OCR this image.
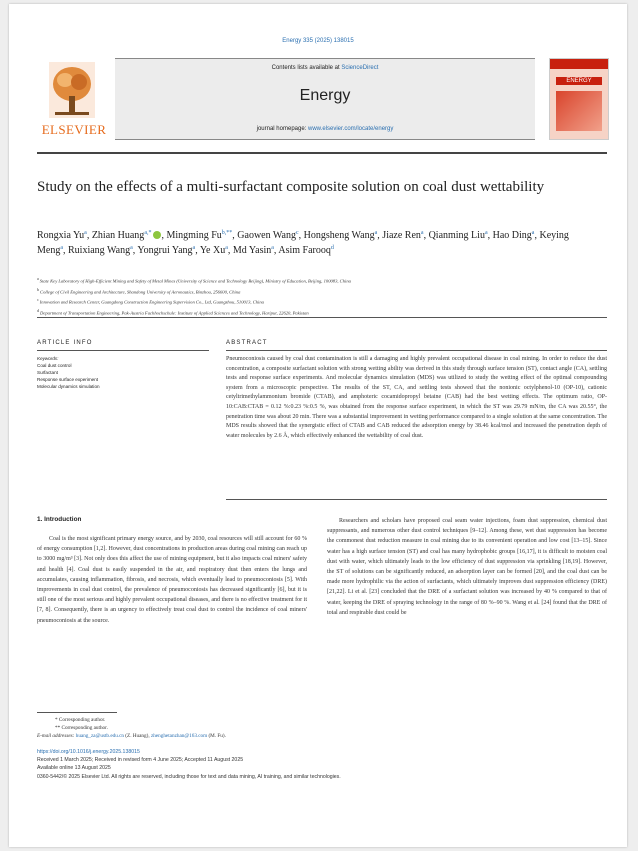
Energy 335 (2025) 138015
ELSEVIER
Contents lists available at ScienceDirect
Energy
journal homepage: www.elsevier.com/locate/energy
ENERGY
Study on the effects of a multi-surfactant composite solution on coal dust wettability
Rongxia Yu$^a$, Zhian Huang$^{a,*}$ , Mingming $Fu^{b,**}$, Gaowen Wang$^c$, Hongsheng Wang$^a$, Jiaze Ren$^a$, Qianming Liu$^a$, Hao Ding$^a$, Keying Meng$^a$, Ruixiang Wang$^a$, Yongrui Yang$^a$, Ye Xu$^a$, Md Yasin$^a$, Asim Farooq$^d$
$^a$ State Key Laboratory of High-Efficient Mining and Safety of Metal Mines (University of Science and Technology Beijing), Ministry of Education, Beijing, 100083, China
$^b$ College of Civil Engineering and Architecture, Shandong University of Aeronautics, Binzhou, 256600, China
$^c$ Innovation and Research Center, Guangdong Construction Engineering Supervision Co., Ltd, Guangzhou, 510013, China
$^d$ Department of Transportation Engineering, Pak-Austria Fachhochschule: Institute of Applied Sciences and Technology, Haripur, 22620, Pakistan
ARTICLE INFO	ABSTRACT
Keywords:
Coal dust control
Surfactant
Response surface experiment
Molecular dynamics simulation
Pneumoconiosis caused by coal dust contamination is still a damaging and highly prevalent occupational disease in coal mining. In order to reduce the dust concentration, a composite surfactant solution with strong wetting ability was derived in this study through surface tension (ST), contact angle (CA), settling tests and response surface experiments. And molecular dynamics simulation (MDS) was utilized to study the wetting effect of the optimal compounding system from a microscopic perspective. The results of the ST, CA, and settling tests showed that the nonionic octylphenol-10 (OP-10), cationic cetyltrimethylammonium bromide (CTAB), and amphoteric cocamidopropyl betaine (CAB) had the best wetting effects. The optimum ratio, OP-10:CAB:CTAB = 0.12 %:0.23 %:0.5 %, was obtained from the response surface experiment, in which the ST was 29.79 mN/m, the CA was 20.55°, the penetration time was about 20 min. There was a substantial improvement in wetting performance compared to a single solution at the same concentration. The MDS results showed that the synergistic effect of CTAB and CAB reduced the adsorption energy by 38.46 kcal/mol and increased the penetration depth of water molecules by 2.6 Å, which effectively enhanced the wettability of coal dust.
1. Introduction

Coal is the most significant primary energy source, and by 2030, coal resources will still account for 60 % of energy consumption [1,2]. However, dust concentrations in production areas during coal mining can reach up to 3000 mg/m³ [3]. Not only does this affect the use of mining equipment, but it also impacts coal miners' safety and health [4]. Coal dust is easily suspended in the air, and respiratory dust then enters the lungs and accumulates, causing inflammation, fibrosis, and necrosis, which eventually lead to pneumoconiosis [5]. With improvements in coal dust control, the prevalence of pneumoconiosis has decreased significantly [6], but it is still one of the most serious and highly prevalent occupational diseases, and there is no effective treatment for it [7, 8]. Consequently, there is an urgency to effectively treat coal dust to control the incidence of coal miners' pneumoconiosis at the source.

Researchers and scholars have proposed coal seam water injections, foam dust suppression, chemical dust suppressants, and numerous other dust control techniques [9–12]. Among these, wet dust suppression has become the commonest dust reduction measure in coal mining due to its convenient operation and low cost [13–15]. Since water has a high surface tension (ST) and coal has many hydrophobic groups [16,17], it is difficult to moisten coal dust with water, which ultimately leads to the low efficiency of dust suppression via sprinkling [18,19]. However, the ST of solutions can be significantly reduced, an adsorption layer can be formed [20], and the coal dust can be made more hydrophilic via the action of surfactants, which ultimately improves dust suppression efficiency (DRE) [21,22]. Li et al. [23] concluded that the DRE of a surfactant solution was increased by 40 % compared to that of water, keeping the DRE of spraying technology in the range of 80 %–90 %. Wang et al. [24] found that the DRE of total and respirable dust could be

* Corresponding author.
** Corresponding author.
E-mail addresses: huang_za@ustb.edu.cn (Z. Huang), zhenghetanzhan@163.com (M. Fu).
https://doi.org/10.1016/j.energy.2025.138015
Received 1 March 2025; Received in revised form 4 June 2025; Accepted 11 August 2025
Available online 13 August 2025
0360-5442/© 2025 Elsevier Ltd. All rights are reserved, including those for text and data mining, AI training, and similar technologies.
